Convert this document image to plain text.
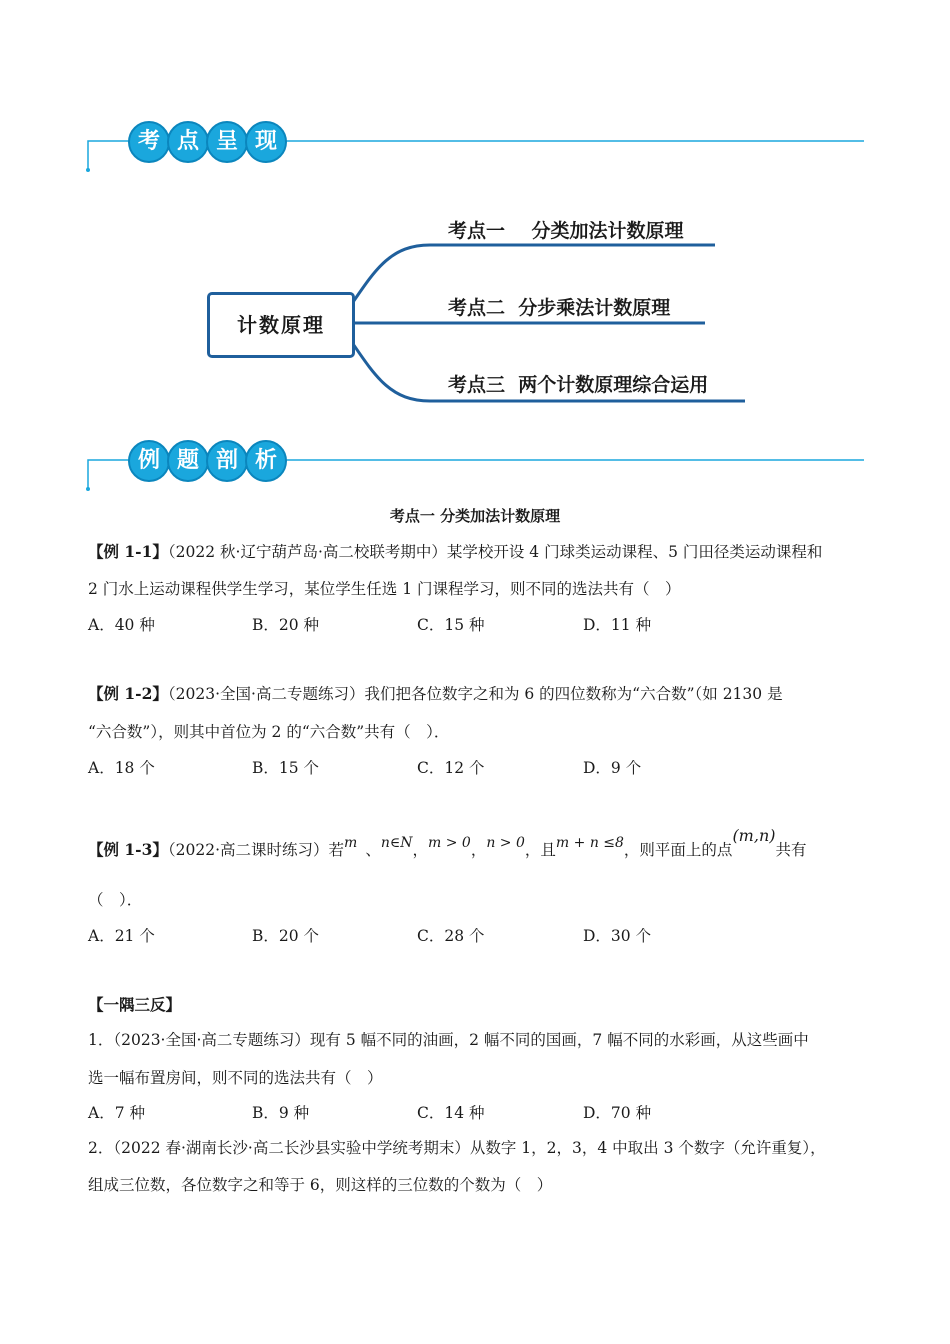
考 点 呈 现
计数原理
考点一    分类加法计数原理
考点二  分步乘法计数原理
考点三  两个计数原理综合运用
例 题 剖 析
考点一 分类加法计数原理
【例 1-1】（2022 秋·辽宁葫芦岛·高二校联考期中）某学校开设 4 门球类运动课程、5 门田径类运动课程和
2 门水上运动课程供学生学习，某位学生任选 1 门课程学习，则不同的选法共有（　）
A．40 种	B．20 种	C．15 种	D．11 种
【例 1-2】（2023·全国·高二专题练习）我们把各位数字之和为 6 的四位数称为“六合数”（如 2130 是
“六合数”），则其中首位为 2 的“六合数”共有（　）．
A．18 个	B．15 个	C．12 个	D．9 个
【例 1-3】（2022·高二课时练习）若m 、n∈N，m > 0，n > 0，且m + n ≤8，则平面上的点(m,n)共有
（　）．
A．21 个	B．20 个	C．28 个	D．30 个
【一隅三反】
1．（2023·全国·高二专题练习）现有 5 幅不同的油画，2 幅不同的国画，7 幅不同的水彩画，从这些画中
选一幅布置房间，则不同的选法共有（　）
A．7 种	B．9 种	C．14 种	D．70 种
2．（2022 春·湖南长沙·高二长沙县实验中学统考期末）从数字 1，2，3，4 中取出 3 个数字（允许重复），
组成三位数，各位数字之和等于 6，则这样的三位数的个数为（　）
